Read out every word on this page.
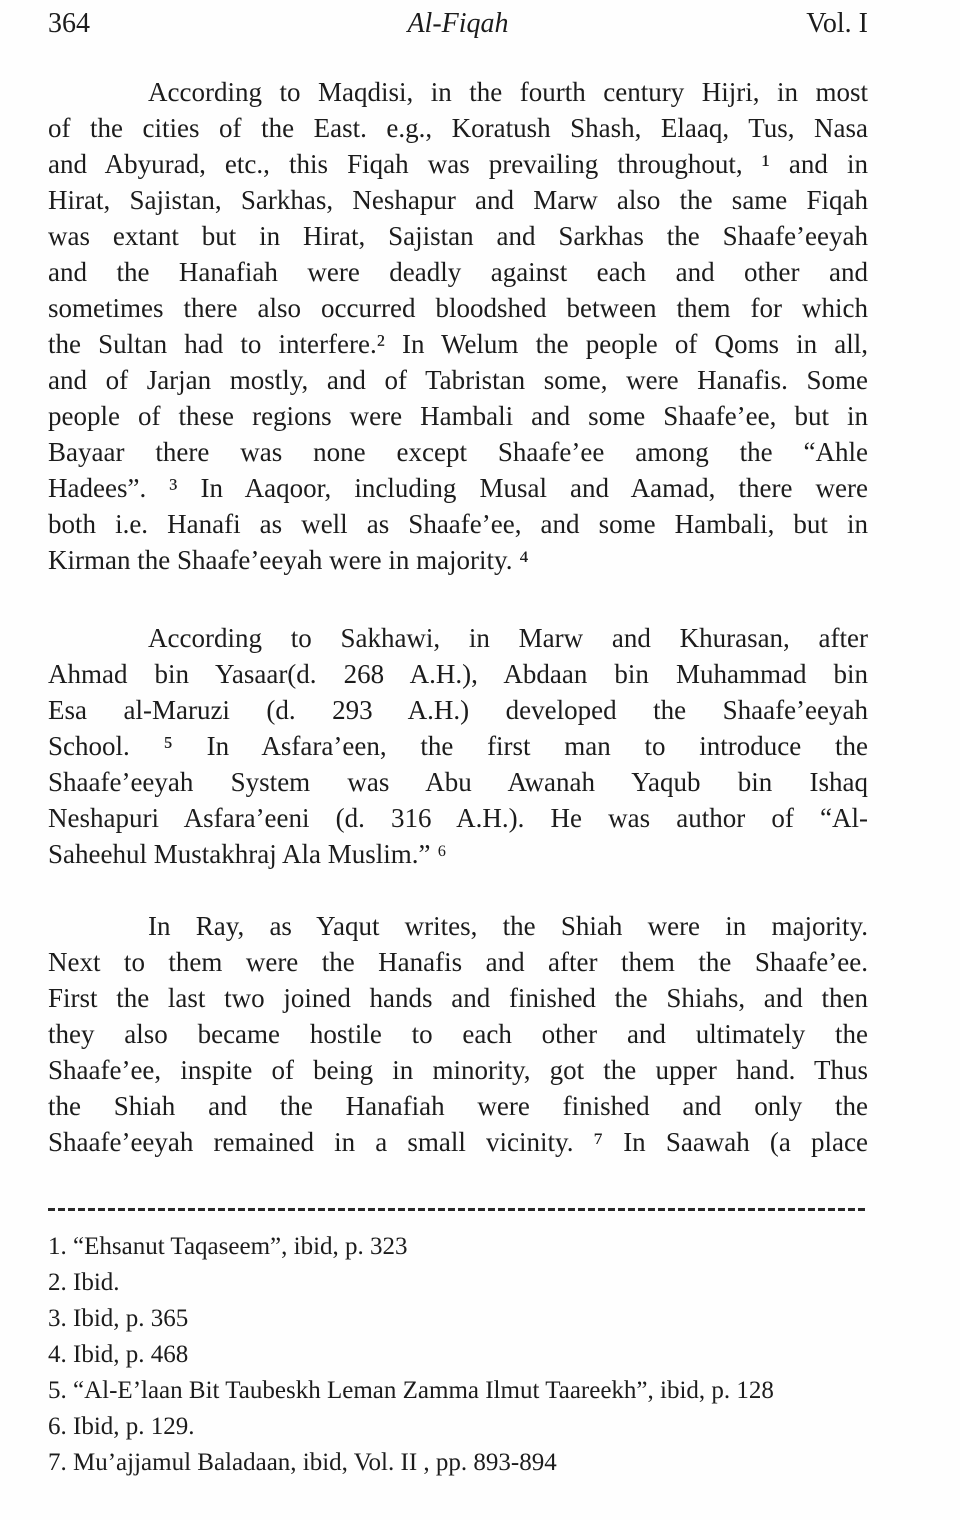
364	Al-Fiqah	Vol. I
According to Maqdisi, in the fourth century Hijri, in most
of the cities of the East. e.g., Koratush Shash, Elaaq, Tus, Nasa
and Abyurad, etc., this Fiqah was prevailing throughout, ¹ and in
Hirat, Sajistan, Sarkhas, Neshapur and Marw also the same Fiqah
was extant but in Hirat, Sajistan and Sarkhas the Shaafe’eeyah
and the Hanafiah were deadly against each and other and
sometimes there also occurred bloodshed between them for which
the Sultan had to interfere.² In Welum the people of Qoms in all,
and of Jarjan mostly, and of Tabristan some, were Hanafis. Some
people of these regions were Hambali and some Shaafe’ee, but in
Bayaar there was none except Shaafe’ee among the “Ahle
Hadees”. ³ In Aaqoor, including Musal and Aamad, there were
both i.e. Hanafi as well as Shaafe’ee, and some Hambali, but in
Kirman the Shaafe’eeyah were in majority. ⁴
According to Sakhawi, in Marw and Khurasan, after
Ahmad bin Yasaar(d. 268 A.H.), Abdaan bin Muhammad bin
Esa al-Maruzi (d. 293 A.H.) developed the Shaafe’eeyah
School. ⁵ In Asfara’een, the first man to introduce the
Shaafe’eeyah System was Abu Awanah Yaqub bin Ishaq
Neshapuri Asfara’eeni (d. 316 A.H.). He was author of “Al-
Saheehul Mustakhraj Ala Muslim.” ⁶
In Ray, as Yaqut writes, the Shiah were in majority.
Next to them were the Hanafis and after them the Shaafe’ee.
First the last two joined hands and finished the Shiahs, and then
they also became hostile to each other and ultimately the
Shaafe’ee, inspite of being in minority, got the upper hand. Thus
the Shiah and the Hanafiah were finished and only the
Shaafe’eeyah remained in a small vicinity. ⁷ In Saawah (a place
1. “Ehsanut Taqaseem”, ibid, p. 323
2. Ibid.
3. Ibid, p. 365
4. Ibid, p. 468
5. “Al-E’laan Bit Taubeskh Leman Zamma Ilmut Taareekh”, ibid, p. 128
6. Ibid, p. 129.
7. Mu’ajjamul Baladaan, ibid, Vol. II , pp. 893-894
